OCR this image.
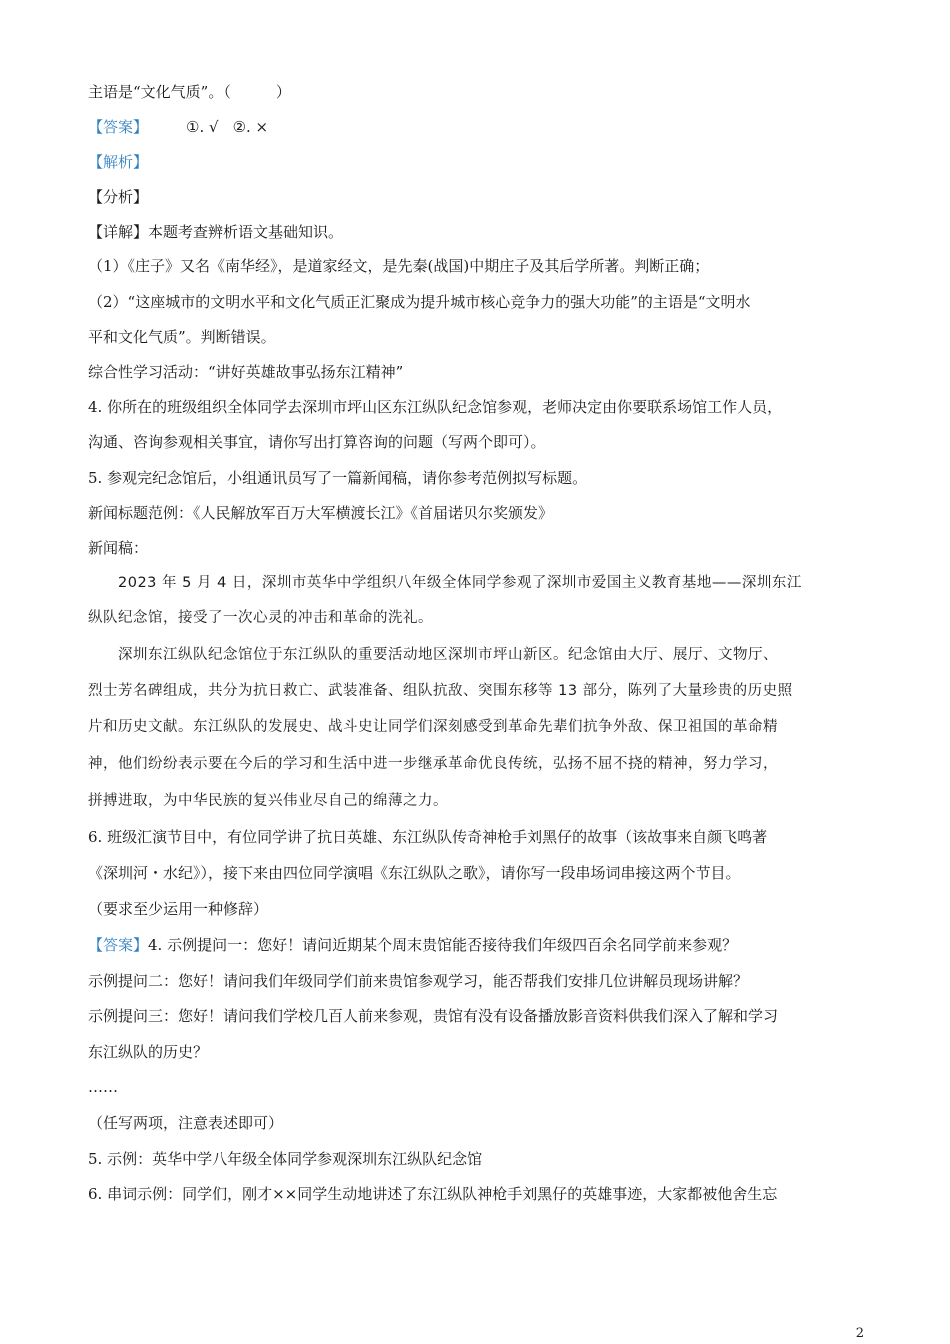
主语是“文化气质”。（　　　）
【答案】	①. √ ②. ×
【解析】
【分析】
【详解】本题考查辨析语文基础知识。
（1）《庄子》又名《南华经》，是道家经文，是先秦(战国)中期庄子及其后学所著。判断正确；
（2）“这座城市的文明水平和文化气质正汇聚成为提升城市核心竞争力的强大功能”的主语是“文明水
平和文化气质”。判断错误。
综合性学习活动：“讲好英雄故事弘扬东江精神”
4. 你所在的班级组织全体同学去深圳市坪山区东江纵队纪念馆参观，老师决定由你要联系场馆工作人员，
沟通、咨询参观相关事宜，请你写出打算咨询的问题（写两个即可）。
5. 参观完纪念馆后，小组通讯员写了一篇新闻稿，请你参考范例拟写标题。
新闻标题范例：《人民解放军百万大军横渡长江》《首届诺贝尔奖颁发》
新闻稿：
2023 年 5 月 4 日，深圳市英华中学组织八年级全体同学参观了深圳市爱国主义教育基地——深圳东江
纵队纪念馆，接受了一次心灵的冲击和革命的洗礼。
深圳东江纵队纪念馆位于东江纵队的重要活动地区深圳市坪山新区。纪念馆由大厅、展厅、文物厅、
烈士芳名碑组成，共分为抗日救亡、武装准备、组队抗敌、突围东移等 13 部分，陈列了大量珍贵的历史照
片和历史文献。东江纵队的发展史、战斗史让同学们深刻感受到革命先辈们抗争外敌、保卫祖国的革命精
神，他们纷纷表示要在今后的学习和生活中进一步继承革命优良传统，弘扬不屈不挠的精神，努力学习，
拼搏进取，为中华民族的复兴伟业尽自己的绵薄之力。
6. 班级汇演节目中，有位同学讲了抗日英雄、东江纵队传奇神枪手刘黑仔的故事（该故事来自颜飞鸣著
《深圳河・水纪》），接下来由四位同学演唱《东江纵队之歌》，请你写一段串场词串接这两个节目。
（要求至少运用一种修辞）
【答案】4. 示例提问一：您好！请问近期某个周末贵馆能否接待我们年级四百余名同学前来参观？
示例提问二：您好！请问我们年级同学们前来贵馆参观学习，能否帮我们安排几位讲解员现场讲解？
示例提问三：您好！请问我们学校几百人前来参观，贵馆有没有设备播放影音资料供我们深入了解和学习
东江纵队的历史？
……
（任写两项，注意表述即可）
5. 示例：英华中学八年级全体同学参观深圳东江纵队纪念馆
6. 串词示例：同学们，刚才××同学生动地讲述了东江纵队神枪手刘黑仔的英雄事迹，大家都被他舍生忘
2
